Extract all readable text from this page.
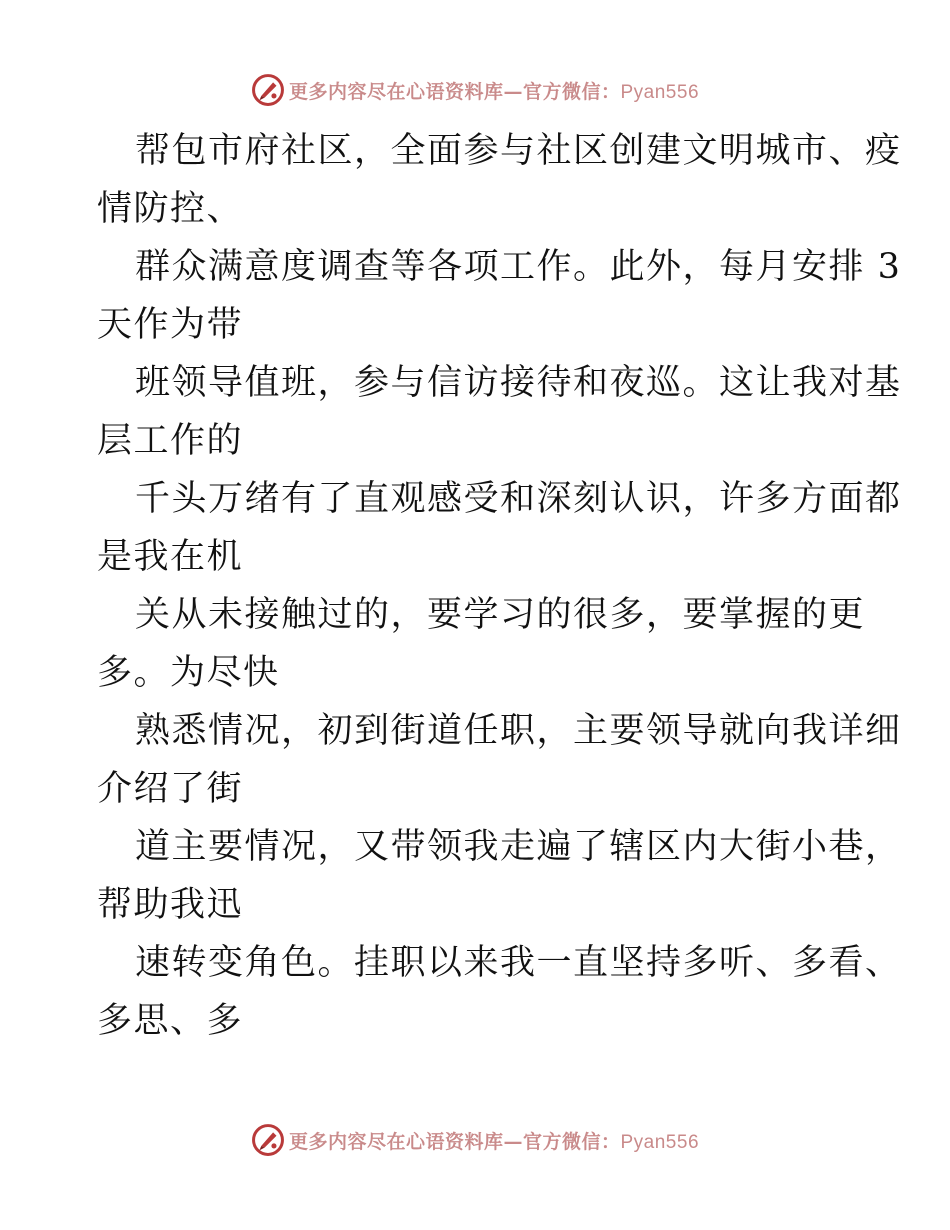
更多内容尽在心语资料库—官方微信：Pyan556
帮包市府社区，全面参与社区创建文明城市、疫
情防控、
群众满意度调查等各项工作。此外，每月安排 3
天作为带
班领导值班，参与信访接待和夜巡。这让我对基
层工作的
千头万绪有了直观感受和深刻认识，许多方面都
是我在机
关从未接触过的，要学习的很多，要掌握的更
多。为尽快
熟悉情况，初到街道任职，主要领导就向我详细
介绍了街
道主要情况，又带领我走遍了辖区内大街小巷，
帮助我迅
速转变角色。挂职以来我一直坚持多听、多看、
多思、多
更多内容尽在心语资料库—官方微信：Pyan556
